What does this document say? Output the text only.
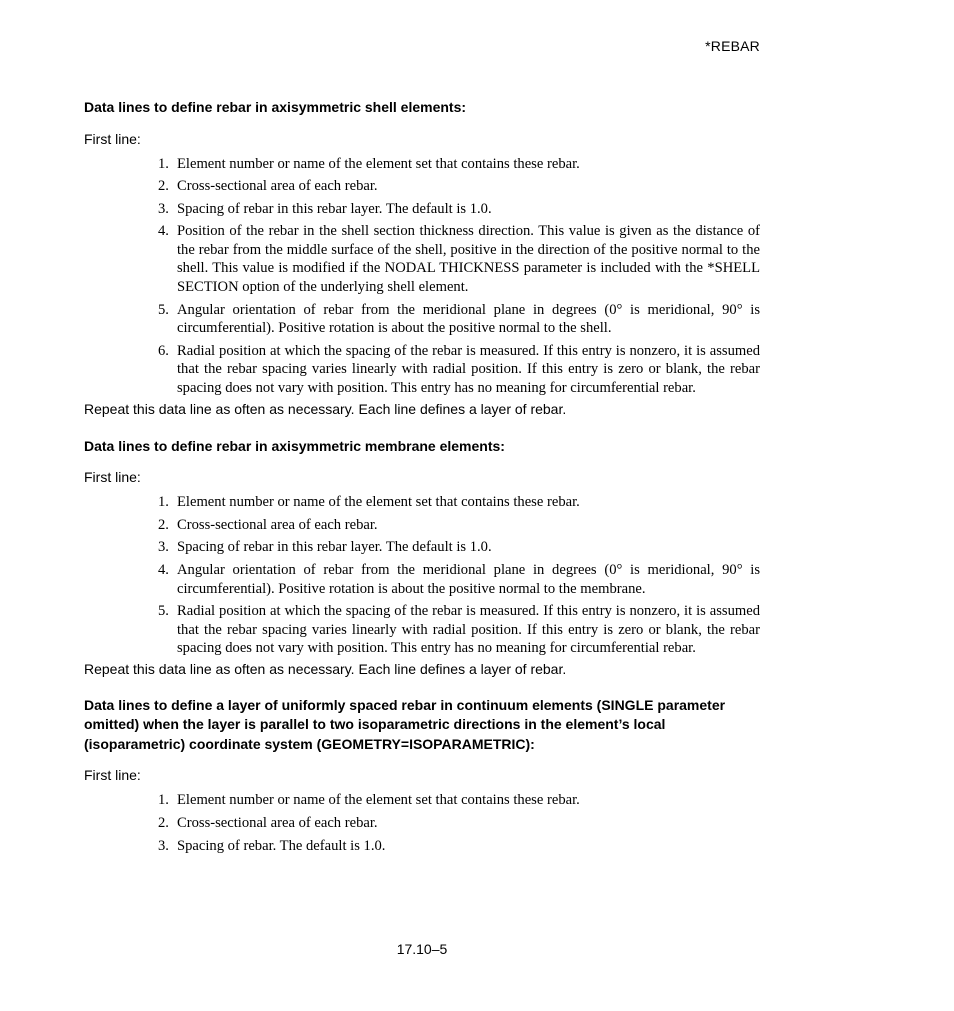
*REBAR

Data lines to define rebar in axisymmetric shell elements:

First line:

1. Element number or name of the element set that contains these rebar.
2. Cross-sectional area of each rebar.
3. Spacing of rebar in this rebar layer. The default is 1.0.
4. Position of the rebar in the shell section thickness direction. This value is given as the distance of the rebar from the middle surface of the shell, positive in the direction of the positive normal to the shell. This value is modified if the NODAL THICKNESS parameter is included with the *SHELL SECTION option of the underlying shell element.
5. Angular orientation of rebar from the meridional plane in degrees (0° is meridional, 90° is circumferential). Positive rotation is about the positive normal to the shell.
6. Radial position at which the spacing of the rebar is measured. If this entry is nonzero, it is assumed that the rebar spacing varies linearly with radial position. If this entry is zero or blank, the rebar spacing does not vary with position. This entry has no meaning for circumferential rebar.

Repeat this data line as often as necessary. Each line defines a layer of rebar.

Data lines to define rebar in axisymmetric membrane elements:

First line:

1. Element number or name of the element set that contains these rebar.
2. Cross-sectional area of each rebar.
3. Spacing of rebar in this rebar layer. The default is 1.0.
4. Angular orientation of rebar from the meridional plane in degrees (0° is meridional, 90° is circumferential). Positive rotation is about the positive normal to the membrane.
5. Radial position at which the spacing of the rebar is measured. If this entry is nonzero, it is assumed that the rebar spacing varies linearly with radial position. If this entry is zero or blank, the rebar spacing does not vary with position. This entry has no meaning for circumferential rebar.

Repeat this data line as often as necessary. Each line defines a layer of rebar.

Data lines to define a layer of uniformly spaced rebar in continuum elements (SINGLE parameter omitted) when the layer is parallel to two isoparametric directions in the element’s local (isoparametric) coordinate system (GEOMETRY=ISOPARAMETRIC):

First line:

1. Element number or name of the element set that contains these rebar.
2. Cross-sectional area of each rebar.
3. Spacing of rebar. The default is 1.0.
17.10–5
